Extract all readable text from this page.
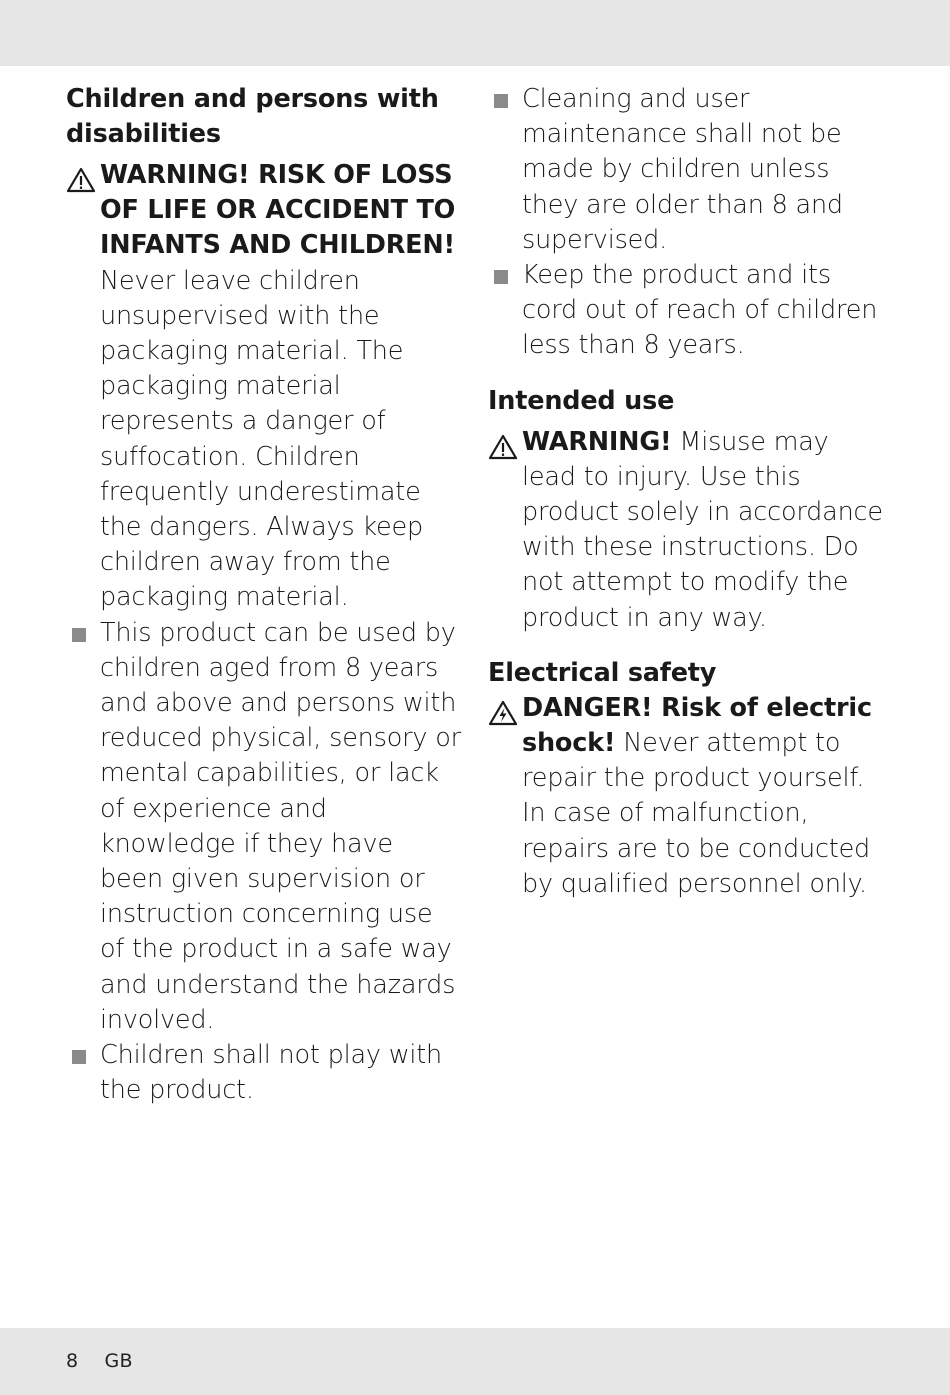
Children and persons with disabilities
WARNING! RISK OF LOSS OF LIFE OR ACCIDENT TO INFANTS AND CHILDREN!
Never leave children unsupervised with the packaging material. The packaging material represents a danger of suffocation. Children frequently underestimate the dangers. Always keep children away from the packaging material.
This product can be used by children aged from 8 years and above and persons with reduced physical, sensory or mental capabilities, or lack of experience and knowledge if they have been given supervision or instruction concerning use of the product in a safe way and understand the hazards involved.
Children shall not play with the product.
Cleaning and user maintenance shall not be made by children unless they are older than 8 and supervised.
Keep the product and its cord out of reach of children less than 8 years.
Intended use
WARNING! Misuse may lead to injury. Use this product solely in accordance with these instructions. Do not attempt to modify the product in any way.
Electrical safety
DANGER! Risk of electric shock! Never attempt to repair the product yourself. In case of malfunction, repairs are to be conducted by qualified personnel only.
8 GB
